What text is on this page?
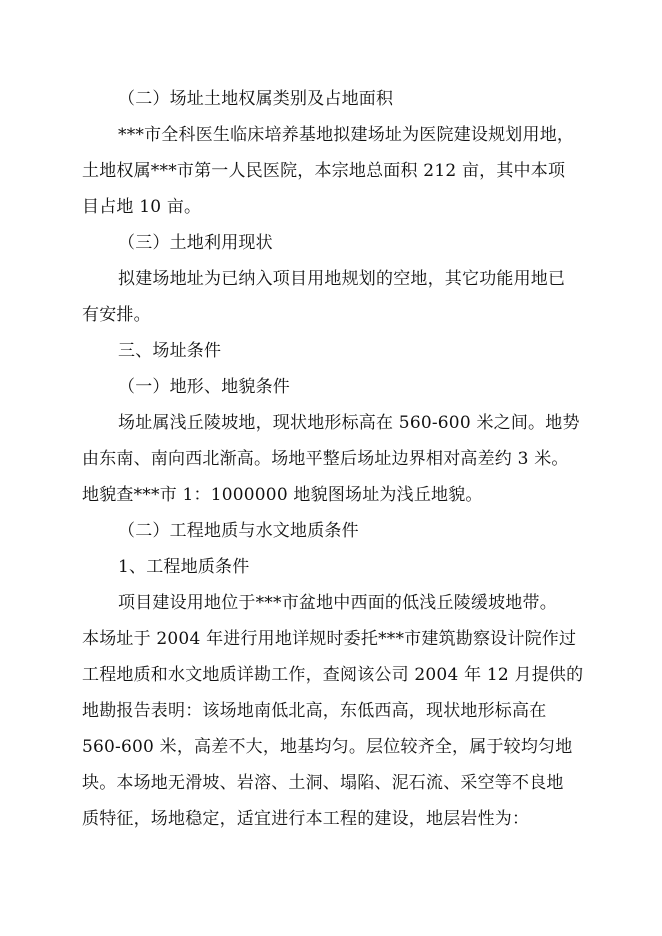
（二）场址土地权属类别及占地面积
***市全科医生临床培养基地拟建场址为医院建设规划用地，
土地权属***市第一人民医院，本宗地总面积 212 亩，其中本项
目占地 10 亩。
（三）土地利用现状
拟建场地址为已纳入项目用地规划的空地，其它功能用地已
有安排。
三、场址条件
（一）地形、地貌条件
场址属浅丘陵坡地，现状地形标高在 560-600 米之间。地势
由东南、南向西北渐高。场地平整后场址边界相对高差约 3 米。
地貌查***市 1：1000000 地貌图场址为浅丘地貌。
（二）工程地质与水文地质条件
1、工程地质条件
项目建设用地位于***市盆地中西面的低浅丘陵缓坡地带。
本场址于 2004 年进行用地详规时委托***市建筑勘察设计院作过
工程地质和水文地质详勘工作，查阅该公司 2004 年 12 月提供的
地勘报告表明：该场地南低北高，东低西高，现状地形标高在
560-600 米，高差不大，地基均匀。层位较齐全，属于较均匀地
块。本场地无滑坡、岩溶、土洞、塌陷、泥石流、采空等不良地
质特征，场地稳定，适宜进行本工程的建设，地层岩性为：
